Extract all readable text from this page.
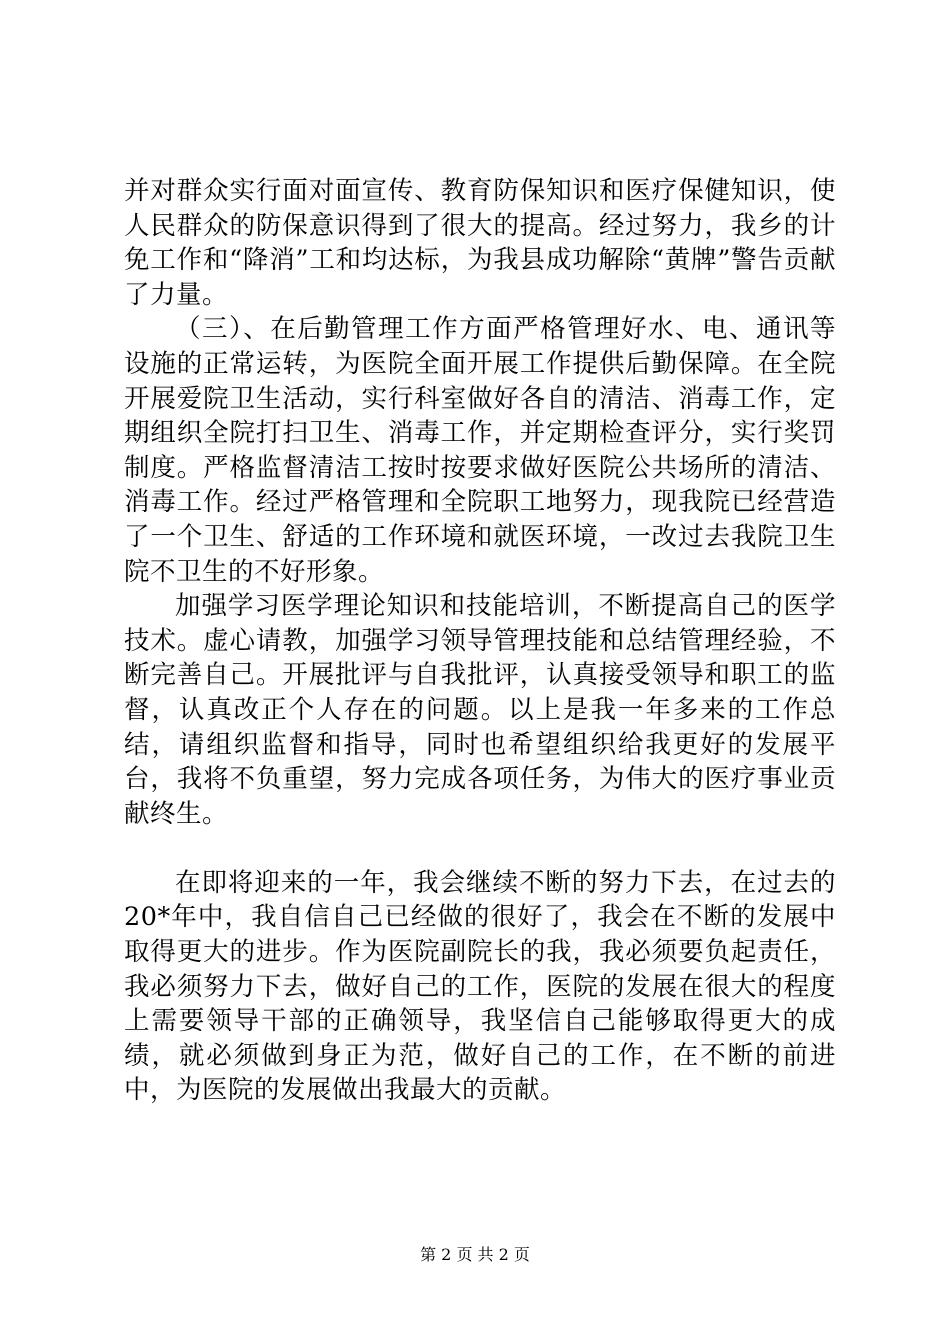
并对群众实行面对面宣传、教育防保知识和医疗保健知识，使人民群众的防保意识得到了很大的提高。经过努力，我乡的计免工作和“降消”工和均达标，为我县成功解除“黄牌”警告贡献了力量。

（三）、在后勤管理工作方面严格管理好水、电、通讯等设施的正常运转，为医院全面开展工作提供后勤保障。在全院开展爱院卫生活动，实行科室做好各自的清洁、消毒工作，定期组织全院打扫卫生、消毒工作，并定期检查评分，实行奖罚制度。严格监督清洁工按时按要求做好医院公共场所的清洁、消毒工作。经过严格管理和全院职工地努力，现我院已经营造了一个卫生、舒适的工作环境和就医环境，一改过去我院卫生院不卫生的不好形象。

加强学习医学理论知识和技能培训，不断提高自己的医学技术。虚心请教，加强学习领导管理技能和总结管理经验，不断完善自己。开展批评与自我批评，认真接受领导和职工的监督，认真改正个人存在的问题。以上是我一年多来的工作总结，请组织监督和指导，同时也希望组织给我更好的发展平台，我将不负重望，努力完成各项任务，为伟大的医疗事业贡献终生。

在即将迎来的一年，我会继续不断的努力下去，在过去的20*年中，我自信自己已经做的很好了，我会在不断的发展中取得更大的进步。作为医院副院长的我，我必须要负起责任，我必须努力下去，做好自己的工作，医院的发展在很大的程度上需要领导干部的正确领导，我坚信自己能够取得更大的成绩，就必须做到身正为范，做好自己的工作，在不断的前进中，为医院的发展做出我最大的贡献。

第 2 页 共 2 页
